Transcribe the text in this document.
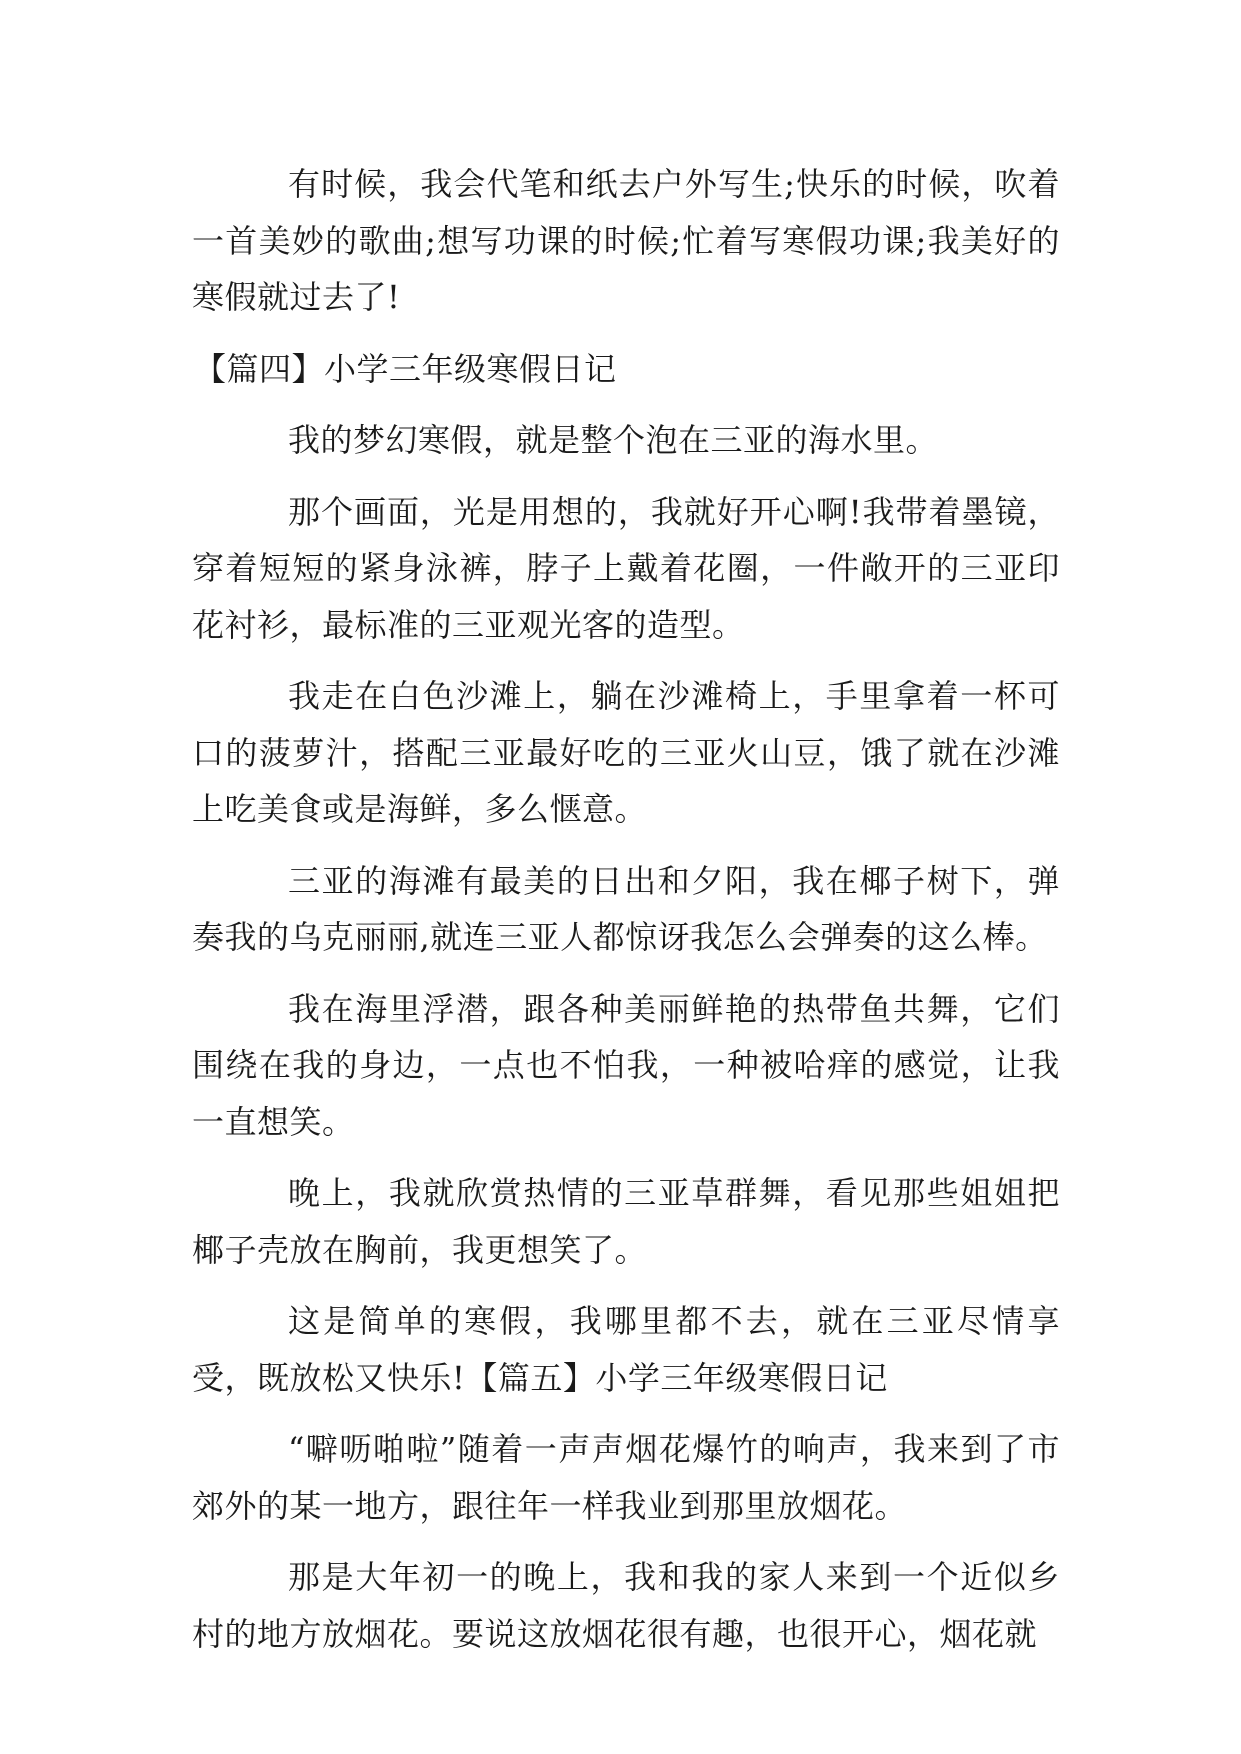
有时候，我会代笔和纸去户外写生;快乐的时候，吹着一首美妙的歌曲;想写功课的时候;忙着写寒假功课;我美好的寒假就过去了!

【篇四】小学三年级寒假日记

我的梦幻寒假，就是整个泡在三亚的海水里。

那个画面，光是用想的，我就好开心啊!我带着墨镜，穿着短短的紧身泳裤，脖子上戴着花圈，一件敞开的三亚印花衬衫，最标准的三亚观光客的造型。

我走在白色沙滩上，躺在沙滩椅上，手里拿着一杯可口的菠萝汁，搭配三亚最好吃的三亚火山豆，饿了就在沙滩上吃美食或是海鲜，多么惬意。

三亚的海滩有最美的日出和夕阳，我在椰子树下，弹奏我的乌克丽丽,就连三亚人都惊讶我怎么会弹奏的这么棒。

我在海里浮潜，跟各种美丽鲜艳的热带鱼共舞，它们围绕在我的身边，一点也不怕我，一种被哈痒的感觉，让我一直想笑。

晚上，我就欣赏热情的三亚草群舞，看见那些姐姐把椰子壳放在胸前，我更想笑了。

这是简单的寒假，我哪里都不去，就在三亚尽情享受，既放松又快乐!【篇五】小学三年级寒假日记

“噼呖啪啦”随着一声声烟花爆竹的响声，我来到了市郊外的某一地方，跟往年一样我业到那里放烟花。

那是大年初一的晚上，我和我的家人来到一个近似乡村的地方放烟花。要说这放烟花很有趣，也很开心，烟花就
